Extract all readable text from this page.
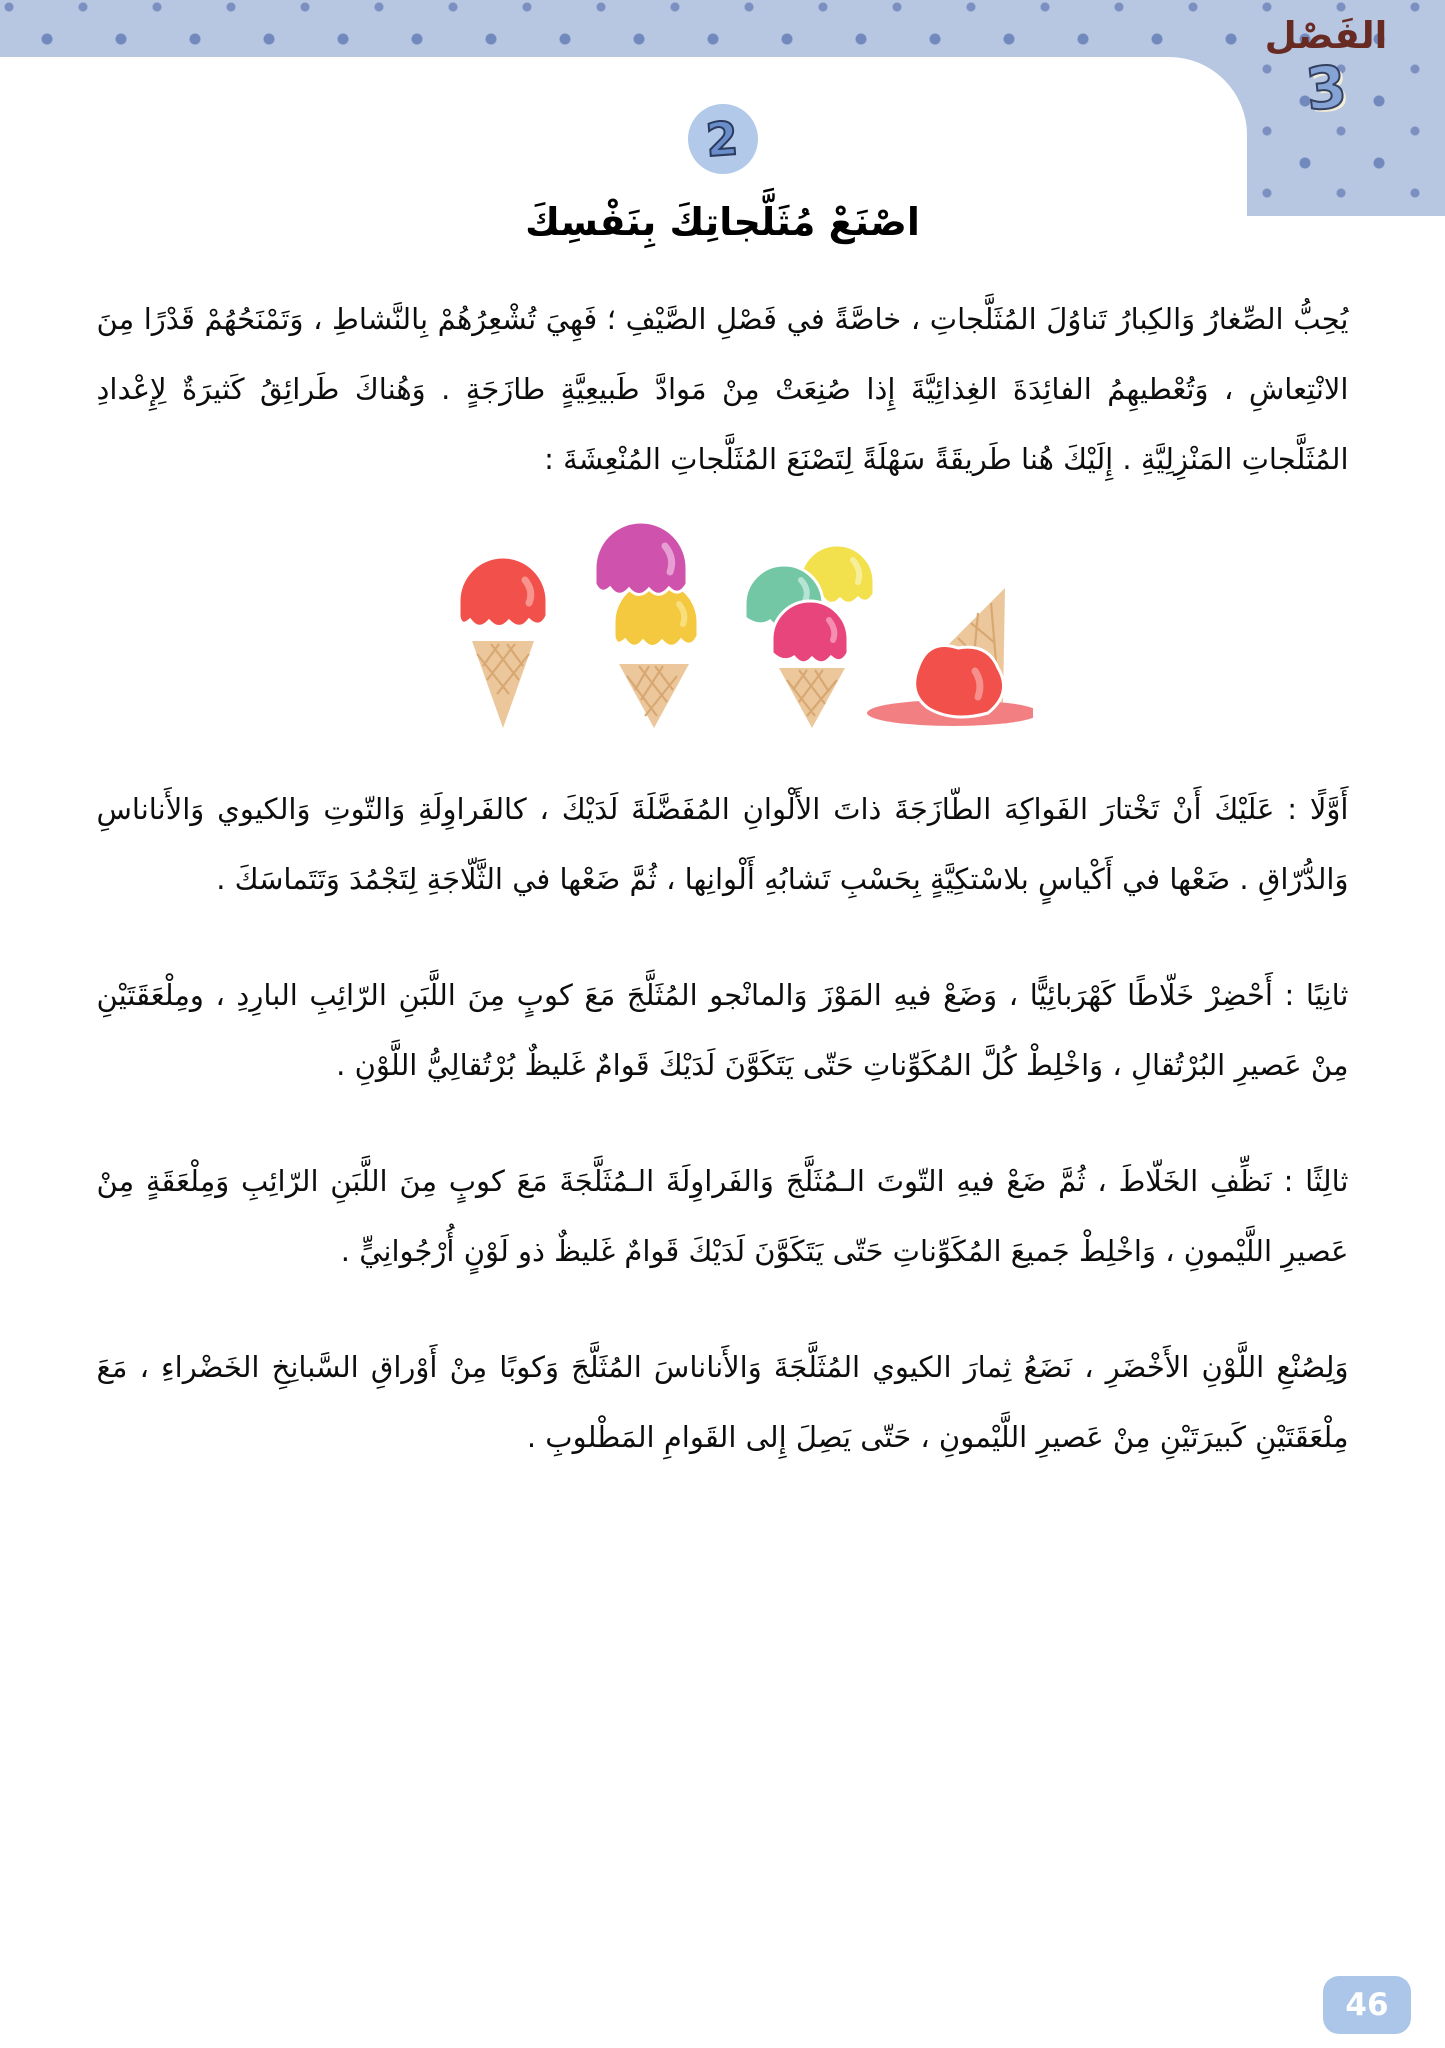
الفَصْل
3
2
اصْنَعْ مُثَلَّجاتِكَ بِنَفْسِكَ

يُحِبُّ الصِّغارُ وَالكِبارُ تَناوُلَ المُثَلَّجاتِ ، خاصَّةً في فَصْلِ الصَّيْفِ ؛ فَهِيَ تُشْعِرُهُمْ بِالنَّشاطِ ، وَتَمْنَحُهُمْ قَدْرًا مِنَ الانْتِعاشِ ، وَتُعْطيهِمُ الفائِدَةَ الغِذائِيَّةَ إِذا صُنِعَتْ مِنْ مَوادَّ طَبيعِيَّةٍ طازَجَةٍ . وَهُناكَ طَرائِقُ كَثيرَةٌ لِإِعْدادِ المُثَلَّجاتِ المَنْزِلِيَّةِ . إِلَيْكَ هُنا طَريقَةً سَهْلَةً لِتَصْنَعَ المُثَلَّجاتِ المُنْعِشَةَ :

أَوَّلًا : عَلَيْكَ أَنْ تَخْتارَ الفَواكِهَ الطّازَجَةَ ذاتَ الأَلْوانِ المُفَضَّلَةَ لَدَيْكَ ، كالفَراوِلَةِ وَالتّوتِ وَالكيوي وَالأَناناسِ وَالدُّرّاقِ . ضَعْها في أَكْياسٍ بلاسْتكِيَّةٍ بِحَسْبِ تَشابُهِ أَلْوانِها ، ثُمَّ ضَعْها في الثَّلّاجَةِ لِتَجْمُدَ وَتَتَماسَكَ .

ثانِيًا : أَحْضِرْ خَلّاطًا كَهْرَبائِيًّا ، وَضَعْ فيهِ المَوْزَ وَالمانْجو المُثَلَّجَ مَعَ كوبٍ مِنَ اللَّبَنِ الرّائِبِ البارِدِ ، ومِلْعَقَتَيْنِ مِنْ عَصيرِ البُرْتُقالِ ، وَاخْلِطْ كُلَّ المُكَوِّناتِ حَتّى يَتَكَوَّنَ لَدَيْكَ قَوامٌ غَليظٌ بُرْتُقالِيُّ اللَّوْنِ .

ثالِثًا : نَظِّفِ الخَلّاطَ ، ثُمَّ ضَعْ فيهِ التّوتَ الـمُثَلَّجَ وَالفَراوِلَةَ الـمُثَلَّجَةَ مَعَ كوبٍ مِنَ اللَّبَنِ الرّائِبِ وَمِلْعَقَةٍ مِنْ عَصيرِ اللَّيْمونِ ، وَاخْلِطْ جَميعَ المُكَوِّناتِ حَتّى يَتَكَوَّنَ لَدَيْكَ قَوامٌ غَليظٌ ذو لَوْنٍ أُرْجُوانِيٍّ .

وَلِصُنْعِ اللَّوْنِ الأَخْضَرِ ، نَضَعُ ثِمارَ الكيوي المُثَلَّجَةَ وَالأَناناسَ المُثَلَّجَ وَكوبًا مِنْ أَوْراقِ السَّبانِخِ الخَضْراءِ ، مَعَ مِلْعَقَتَيْنِ كَبيرَتَيْنِ مِنْ عَصيرِ اللَّيْمونِ ، حَتّى يَصِلَ إِلى القَوامِ المَطْلوبِ .

46
